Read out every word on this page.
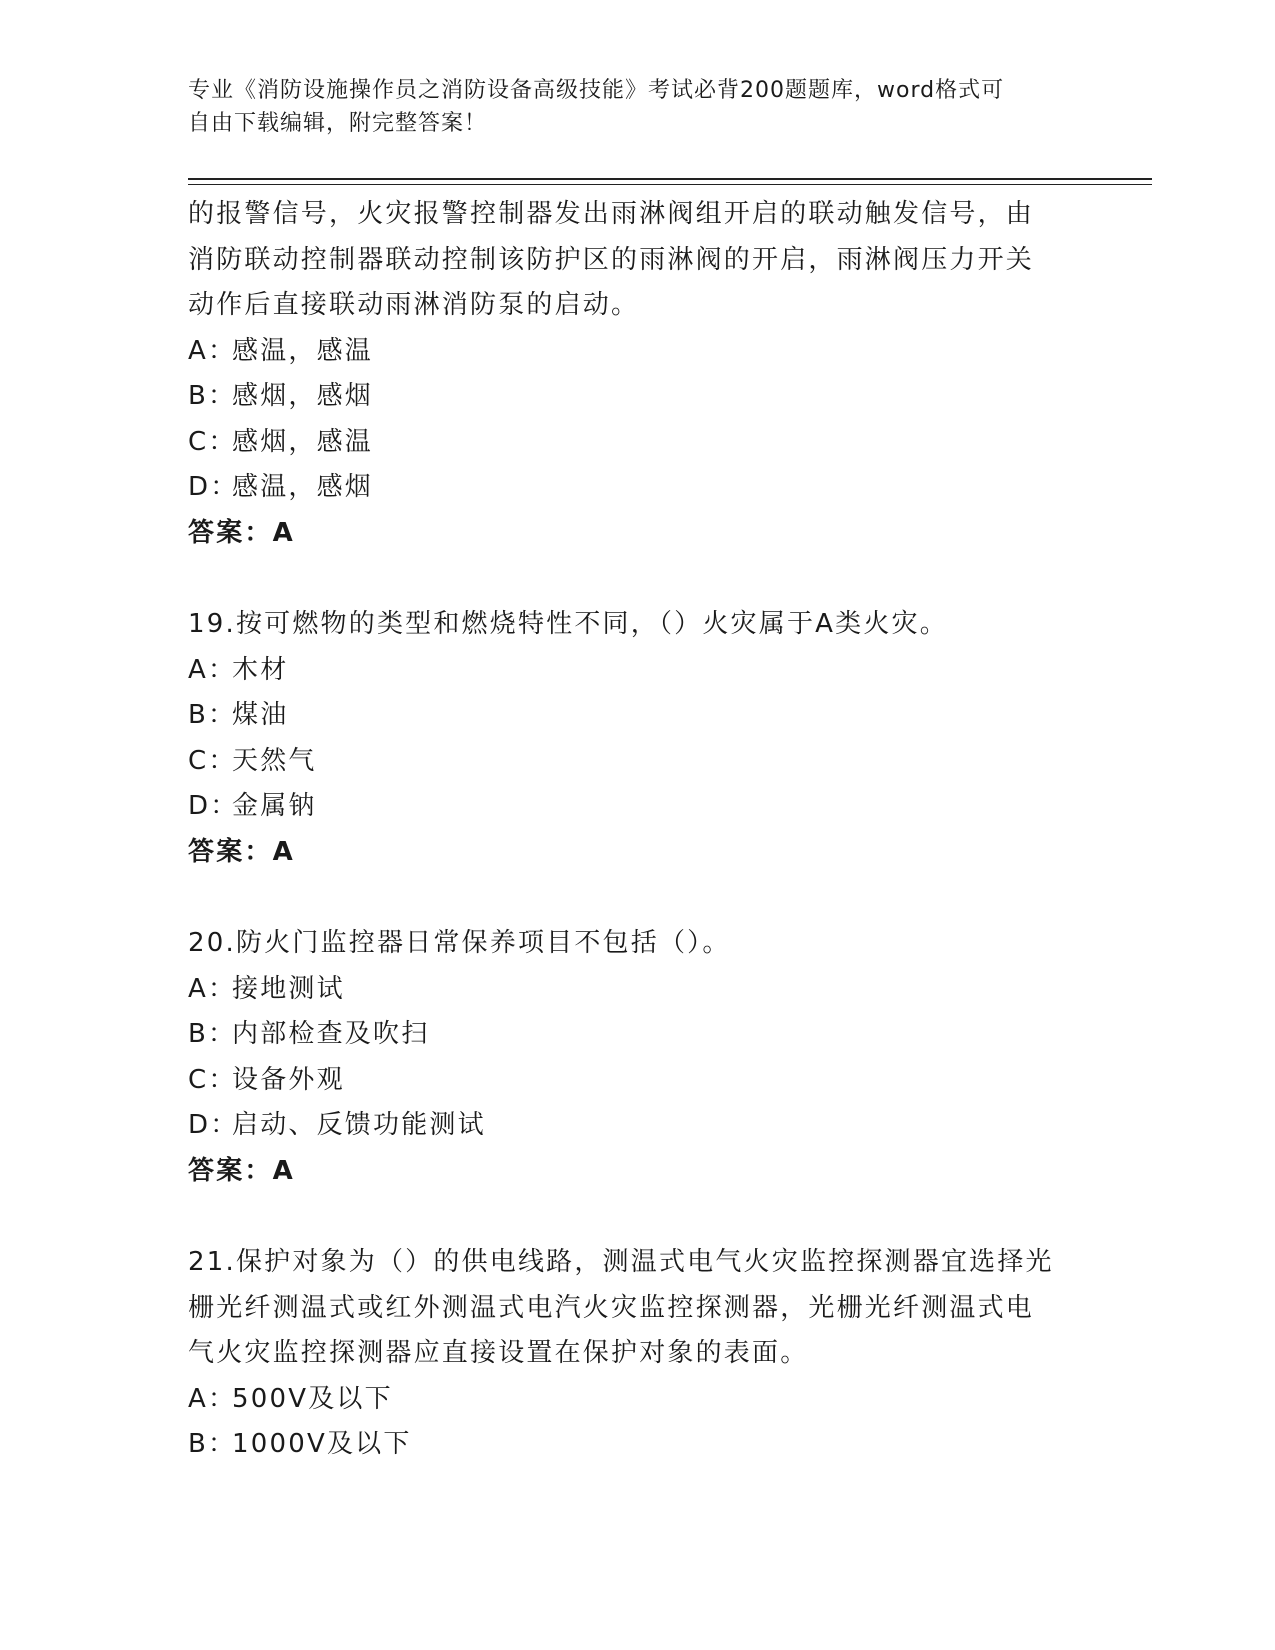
专业《消防设施操作员之消防设备高级技能》考试必背200题题库，word格式可
自由下载编辑，附完整答案！

的报警信号，火灾报警控制器发出雨淋阀组开启的联动触发信号，由

消防联动控制器联动控制该防护区的雨淋阀的开启，雨淋阀压力开关

动作后直接联动雨淋消防泵的启动。

A：感温，感温

B：感烟，感烟

C：感烟，感温

D：感温，感烟

答案：A

19.按可燃物的类型和燃烧特性不同，（）火灾属于A类火灾。

A：木材

B：煤油

C：天然气

D：金属钠

答案：A

20.防火门监控器日常保养项目不包括（）。

A：接地测试

B：内部检查及吹扫

C：设备外观

D：启动、反馈功能测试

答案：A

21.保护对象为（）的供电线路，测温式电气火灾监控探测器宜选择光

栅光纤测温式或红外测温式电汽火灾监控探测器，光栅光纤测温式电

气火灾监控探测器应直接设置在保护对象的表面。

A：500V及以下

B：1000V及以下
